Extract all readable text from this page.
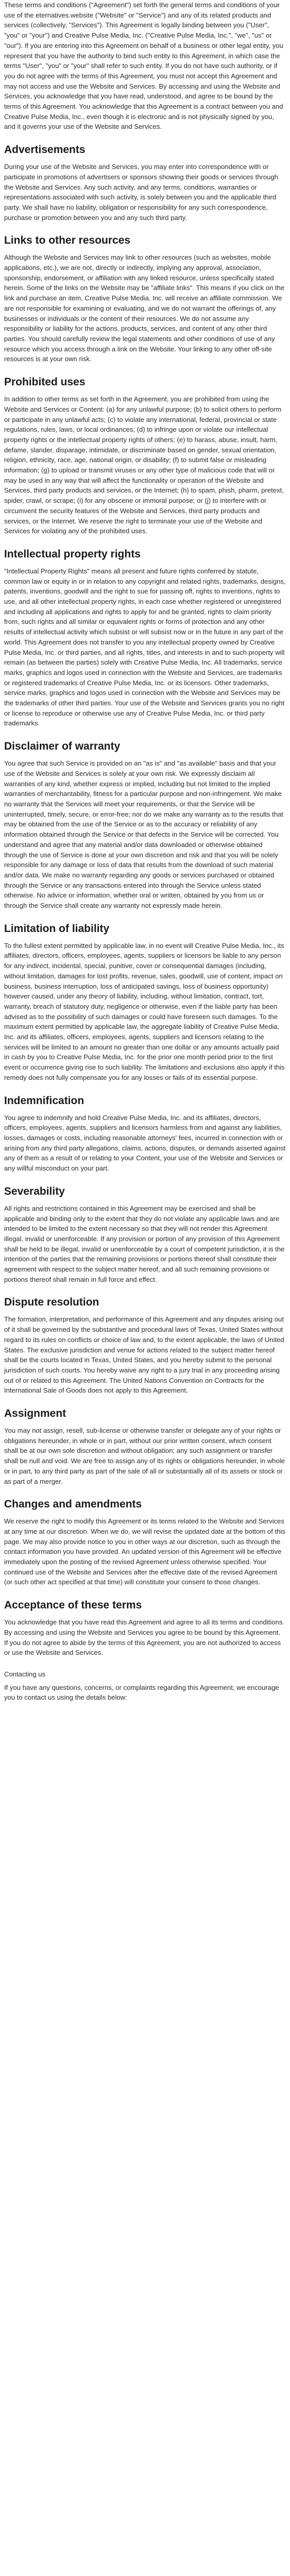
These terms and conditions ("Agreement") set forth the general terms and conditions of your use of the eternatives.website ("Website" or "Service") and any of its related products and services (collectively, "Services"). This Agreement is legally binding between you ("User", "you" or "your") and Creative Pulse Media, Inc. ("Creative Pulse Media, Inc.", "we", "us" or "our"). If you are entering into this Agreement on behalf of a business or other legal entity, you represent that you have the authority to bind such entity to this Agreement, in which case the terms "User", "you" or "your" shall refer to such entity. If you do not have such authority, or if you do not agree with the terms of this Agreement, you must not accept this Agreement and may not access and use the Website and Services. By accessing and using the Website and Services, you acknowledge that you have read, understood, and agree to be bound by the terms of this Agreement. You acknowledge that this Agreement is a contract between you and Creative Pulse Media, Inc., even though it is electronic and is not physically signed by you, and it governs your use of the Website and Services.

Advertisements

During your use of the Website and Services, you may enter into correspondence with or participate in promotions of advertisers or sponsors showing their goods or services through the Website and Services. Any such activity, and any terms, conditions, warranties or representations associated with such activity, is solely between you and the applicable third party. We shall have no liability, obligation or responsibility for any such correspondence, purchase or promotion between you and any such third party.

Links to other resources

Although the Website and Services may link to other resources (such as websites, mobile applications, etc.), we are not, directly or indirectly, implying any approval, association, sponsorship, endorsement, or affiliation with any linked resource, unless specifically stated herein. Some of the links on the Website may be "affiliate links". This means if you click on the link and purchase an item, Creative Pulse Media, Inc. will receive an affiliate commission. We are not responsible for examining or evaluating, and we do not warrant the offerings of, any businesses or individuals or the content of their resources. We do not assume any responsibility or liability for the actions, products, services, and content of any other third parties. You should carefully review the legal statements and other conditions of use of any resource which you access through a link on the Website. Your linking to any other off-site resources is at your own risk.

Prohibited uses

In addition to other terms as set forth in the Agreement, you are prohibited from using the Website and Services or Content: (a) for any unlawful purpose; (b) to solicit others to perform or participate in any unlawful acts; (c) to violate any international, federal, provincial or state regulations, rules, laws, or local ordinances; (d) to infringe upon or violate our intellectual property rights or the intellectual property rights of others; (e) to harass, abuse, insult, harm, defame, slander, disparage, intimidate, or discriminate based on gender, sexual orientation, religion, ethnicity, race, age, national origin, or disability; (f) to submit false or misleading information; (g) to upload or transmit viruses or any other type of malicious code that will or may be used in any way that will affect the functionality or operation of the Website and Services, third party products and services, or the Internet; (h) to spam, phish, pharm, pretext, spider, crawl, or scrape; (i) for any obscene or immoral purpose; or (j) to interfere with or circumvent the security features of the Website and Services, third party products and services, or the Internet. We reserve the right to terminate your use of the Website and Services for violating any of the prohibited uses.

Intellectual property rights

"Intellectual Property Rights" means all present and future rights conferred by statute, common law or equity in or in relation to any copyright and related rights, trademarks, designs, patents, inventions, goodwill and the right to sue for passing off, rights to inventions, rights to use, and all other intellectual property rights, in each case whether registered or unregistered and including all applications and rights to apply for and be granted, rights to claim priority from, such rights and all similar or equivalent rights or forms of protection and any other results of intellectual activity which subsist or will subsist now or in the future in any part of the world. This Agreement does not transfer to you any intellectual property owned by Creative Pulse Media, Inc. or third parties, and all rights, titles, and interests in and to such property will remain (as between the parties) solely with Creative Pulse Media, Inc. All trademarks, service marks, graphics and logos used in connection with the Website and Services, are trademarks or registered trademarks of Creative Pulse Media, Inc. or its licensors. Other trademarks, service marks, graphics and logos used in connection with the Website and Services may be the trademarks of other third parties. Your use of the Website and Services grants you no right or license to reproduce or otherwise use any of Creative Pulse Media, Inc. or third party trademarks.

Disclaimer of warranty

You agree that such Service is provided on an "as is" and "as available" basis and that your use of the Website and Services is solely at your own risk. We expressly disclaim all warranties of any kind, whether express or implied, including but not limited to the implied warranties of merchantability, fitness for a particular purpose and non-infringement. We make no warranty that the Services will meet your requirements, or that the Service will be uninterrupted, timely, secure, or error-free; nor do we make any warranty as to the results that may be obtained from the use of the Service or as to the accuracy or reliability of any information obtained through the Service or that defects in the Service will be corrected. You understand and agree that any material and/or data downloaded or otherwise obtained through the use of Service is done at your own discretion and risk and that you will be solely responsible for any damage or loss of data that results from the download of such material and/or data. We make no warranty regarding any goods or services purchased or obtained through the Service or any transactions entered into through the Service unless stated otherwise. No advice or information, whether oral or written, obtained by you from us or through the Service shall create any warranty not expressly made herein.

Limitation of liability

To the fullest extent permitted by applicable law, in no event will Creative Pulse Media, Inc., its affiliates, directors, officers, employees, agents, suppliers or licensors be liable to any person for any indirect, incidental, special, punitive, cover or consequential damages (including, without limitation, damages for lost profits, revenue, sales, goodwill, use of content, impact on business, business interruption, loss of anticipated savings, loss of business opportunity) however caused, under any theory of liability, including, without limitation, contract, tort, warranty, breach of statutory duty, negligence or otherwise, even if the liable party has been advised as to the possibility of such damages or could have foreseen such damages. To the maximum extent permitted by applicable law, the aggregate liability of Creative Pulse Media, Inc. and its affiliates, officers, employees, agents, suppliers and licensors relating to the services will be limited to an amount no greater than one dollar or any amounts actually paid in cash by you to Creative Pulse Media, Inc. for the prior one month period prior to the first event or occurrence giving rise to such liability. The limitations and exclusions also apply if this remedy does not fully compensate you for any losses or fails of its essential purpose.

Indemnification

You agree to indemnify and hold Creative Pulse Media, Inc. and its affiliates, directors, officers, employees, agents, suppliers and licensors harmless from and against any liabilities, losses, damages or costs, including reasonable attorneys' fees, incurred in connection with or arising from any third party allegations, claims, actions, disputes, or demands asserted against any of them as a result of or relating to your Content, your use of the Website and Services or any willful misconduct on your part.

Severability

All rights and restrictions contained in this Agreement may be exercised and shall be applicable and binding only to the extent that they do not violate any applicable laws and are intended to be limited to the extent necessary so that they will not render this Agreement illegal, invalid or unenforceable. If any provision or portion of any provision of this Agreement shall be held to be illegal, invalid or unenforceable by a court of competent jurisdiction, it is the intention of the parties that the remaining provisions or portions thereof shall constitute their agreement with respect to the subject matter hereof, and all such remaining provisions or portions thereof shall remain in full force and effect.

Dispute resolution

The formation, interpretation, and performance of this Agreement and any disputes arising out of it shall be governed by the substantive and procedural laws of Texas, United States without regard to its rules on conflicts or choice of law and, to the extent applicable, the laws of United States. The exclusive jurisdiction and venue for actions related to the subject matter hereof shall be the courts located in Texas, United States, and you hereby submit to the personal jurisdiction of such courts. You hereby waive any right to a jury trial in any proceeding arising out of or related to this Agreement. The United Nations Convention on Contracts for the International Sale of Goods does not apply to this Agreement.

Assignment

You may not assign, resell, sub-license or otherwise transfer or delegate any of your rights or obligations hereunder, in whole or in part, without our prior written consent, which consent shall be at our own sole discretion and without obligation; any such assignment or transfer shall be null and void. We are free to assign any of its rights or obligations hereunder, in whole or in part, to any third party as part of the sale of all or substantially all of its assets or stock or as part of a merger.

Changes and amendments

We reserve the right to modify this Agreement or its terms related to the Website and Services at any time at our discretion. When we do, we will revise the updated date at the bottom of this page. We may also provide notice to you in other ways at our discretion, such as through the contact information you have provided. An updated version of this Agreement will be effective immediately upon the posting of the revised Agreement unless otherwise specified. Your continued use of the Website and Services after the effective date of the revised Agreement (or such other act specified at that time) will constitute your consent to those changes.

Acceptance of these terms

You acknowledge that you have read this Agreement and agree to all its terms and conditions. By accessing and using the Website and Services you agree to be bound by this Agreement. If you do not agree to abide by the terms of this Agreement, you are not authorized to access or use the Website and Services.

Contacting us

If you have any questions, concerns, or complaints regarding this Agreement, we encourage you to contact us using the details below:
